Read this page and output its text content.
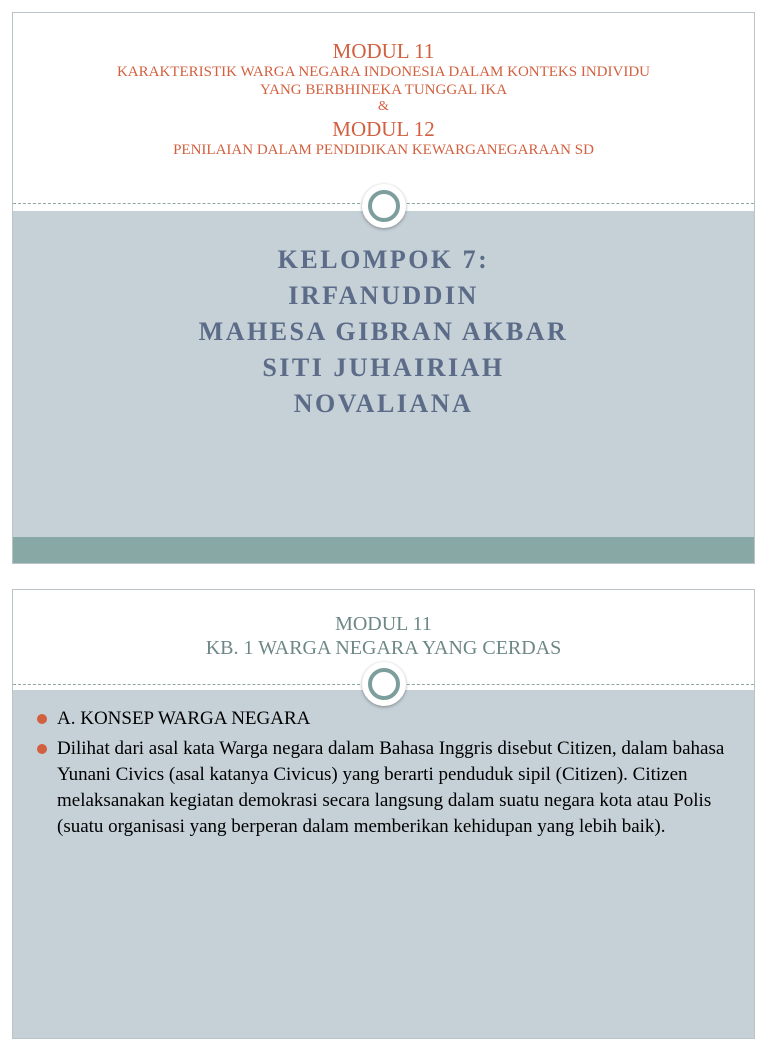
MODUL 11
KARAKTERISTIK WARGA NEGARA INDONESIA DALAM KONTEKS INDIVIDU
YANG BERBHINEKA TUNGGAL IKA
&
MODUL 12
PENILAIAN DALAM PENDIDIKAN KEWARGANEGARAAN SD
KELOMPOK 7:
IRFANUDDIN
MAHESA GIBRAN AKBAR
SITI JUHAIRIAH
NOVALIANA
MODUL 11
KB. 1 WARGA NEGARA YANG CERDAS
A. KONSEP WARGA NEGARA
Dilihat dari asal kata Warga negara dalam Bahasa Inggris disebut Citizen, dalam bahasa Yunani Civics (asal katanya Civicus) yang berarti penduduk sipil (Citizen). Citizen melaksanakan kegiatan demokrasi secara langsung dalam suatu negara kota atau Polis (suatu organisasi yang berperan dalam memberikan kehidupan yang lebih baik).
